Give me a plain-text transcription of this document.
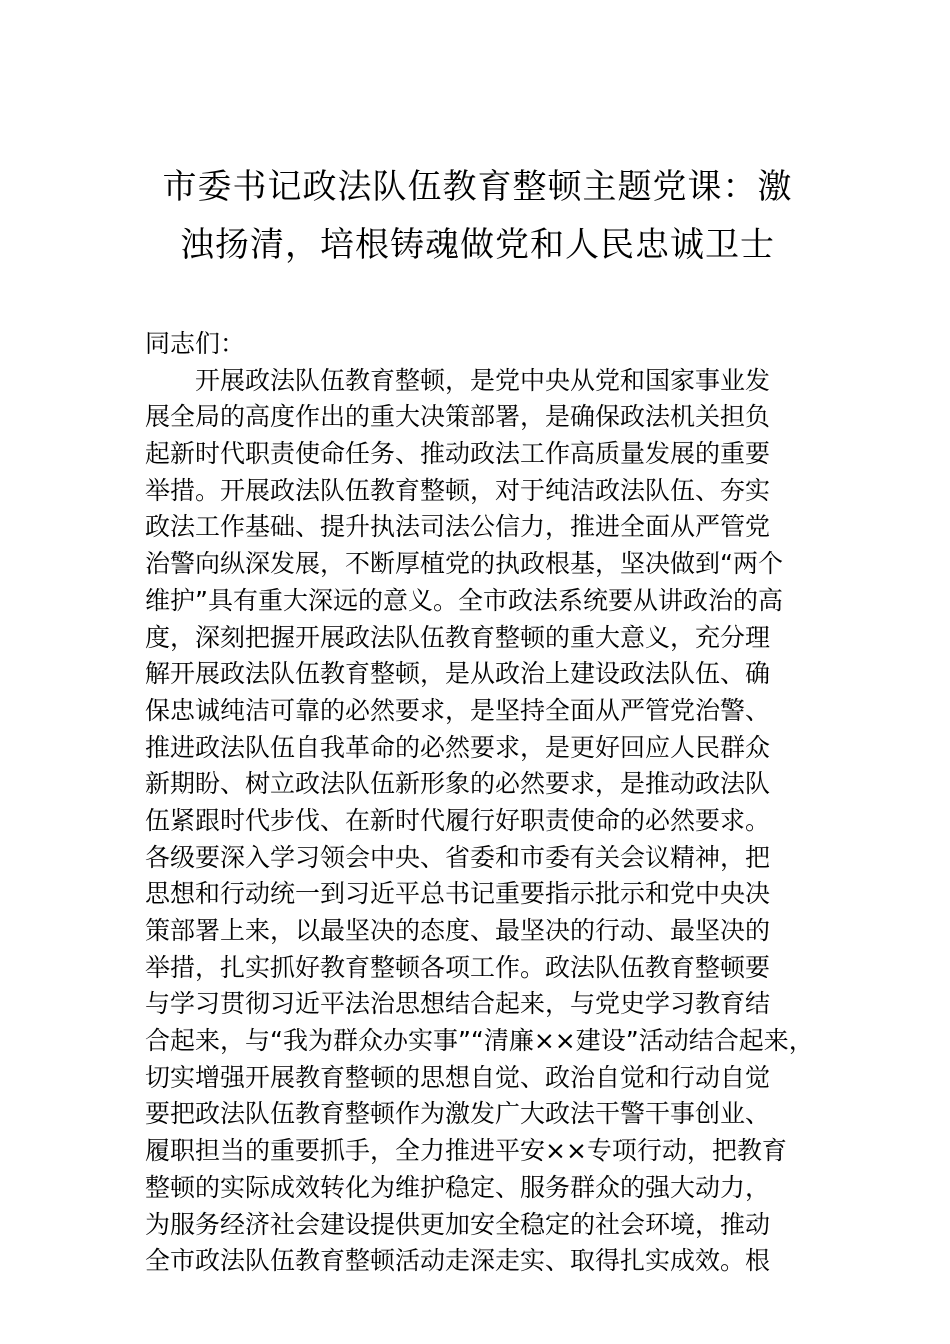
市委书记政法队伍教育整顿主题党课：激
浊扬清，培根铸魂做党和人民忠诚卫士
同志们：
开展政法队伍教育整顿，是党中央从党和国家事业发
展全局的高度作出的重大决策部署，是确保政法机关担负
起新时代职责使命任务、推动政法工作高质量发展的重要
举措。开展政法队伍教育整顿，对于纯洁政法队伍、夯实
政法工作基础、提升执法司法公信力，推进全面从严管党
治警向纵深发展，不断厚植党的执政根基，坚决做到“两个
维护”具有重大深远的意义。全市政法系统要从讲政治的高
度，深刻把握开展政法队伍教育整顿的重大意义，充分理
解开展政法队伍教育整顿，是从政治上建设政法队伍、确
保忠诚纯洁可靠的必然要求，是坚持全面从严管党治警、
推进政法队伍自我革命的必然要求，是更好回应人民群众
新期盼、树立政法队伍新形象的必然要求，是推动政法队
伍紧跟时代步伐、在新时代履行好职责使命的必然要求。
各级要深入学习领会中央、省委和市委有关会议精神，把
思想和行动统一到习近平总书记重要指示批示和党中央决
策部署上来，以最坚决的态度、最坚决的行动、最坚决的
举措，扎实抓好教育整顿各项工作。政法队伍教育整顿要
与学习贯彻习近平法治思想结合起来，与党史学习教育结
合起来，与“我为群众办实事”“清廉××建设”活动结合起来，
切实增强开展教育整顿的思想自觉、政治自觉和行动自觉
要把政法队伍教育整顿作为激发广大政法干警干事创业、
履职担当的重要抓手，全力推进平安××专项行动，把教育
整顿的实际成效转化为维护稳定、服务群众的强大动力，
为服务经济社会建设提供更加安全稳定的社会环境，推动
全市政法队伍教育整顿活动走深走实、取得扎实成效。根
